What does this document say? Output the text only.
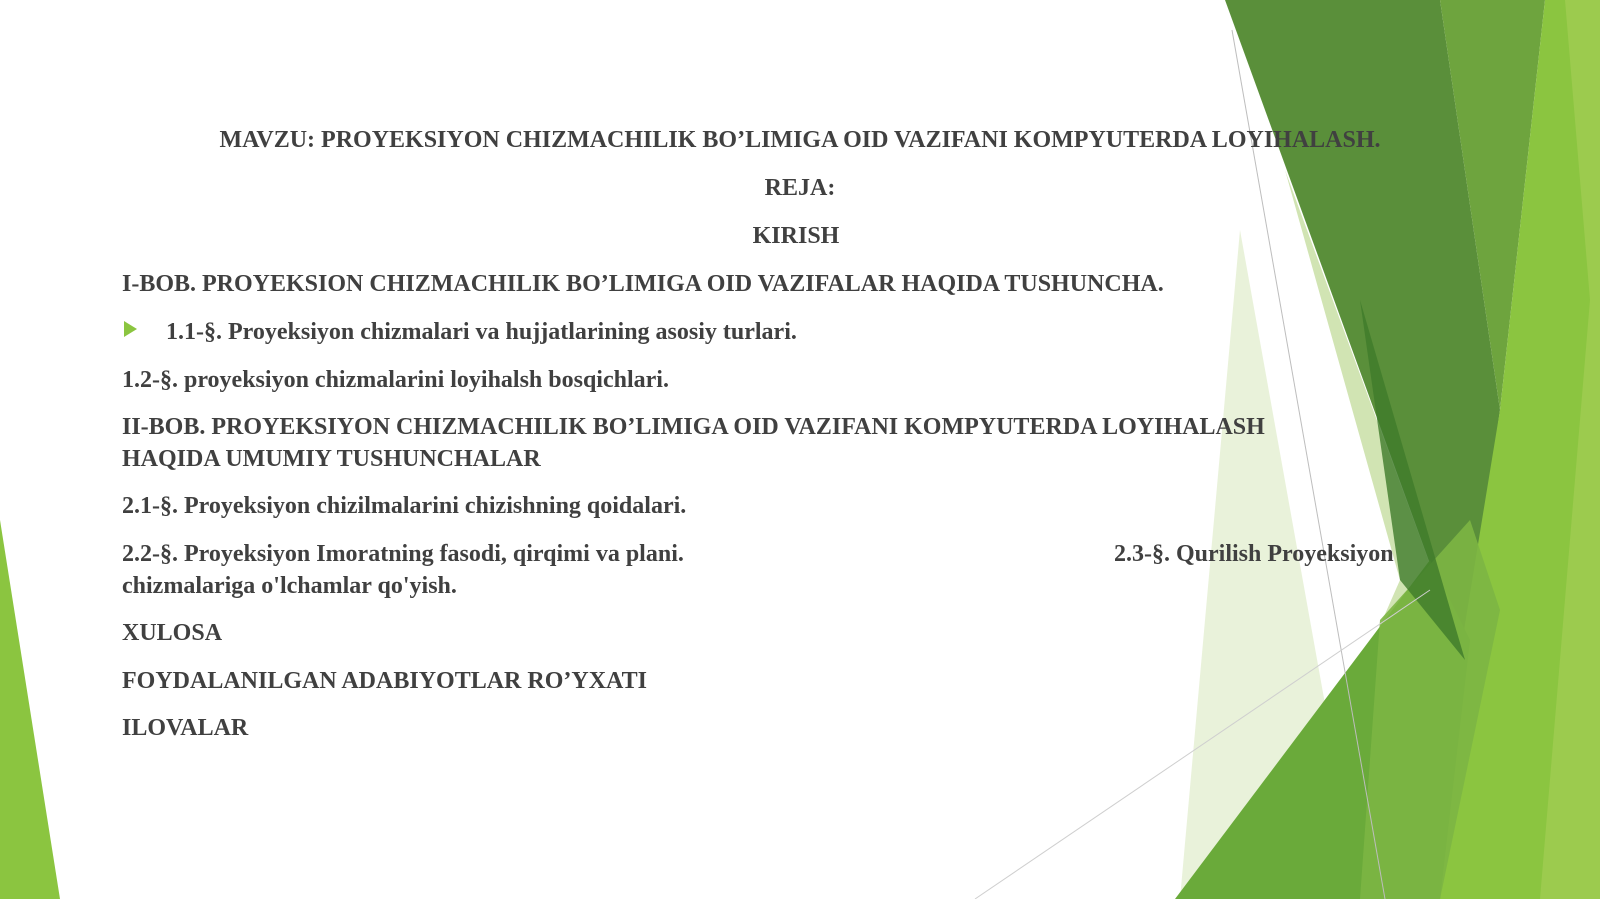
MAVZU: PROYEKSIYON CHIZMACHILIK BO’LIMIGA OID VAZIFANI KOMPYUTERDA LOYIHALASH.
REJA:
KIRISH
I-BOB. PROYEKSION CHIZMACHILIK BO’LIMIGA OID VAZIFALAR HAQIDA TUSHUNCHA.
1.1-§. Proyeksiyon chizmalari va hujjatlarining asosiy turlari.
1.2-§. proyeksiyon chizmalarini loyihalsh bosqichlari.
II-BOB. PROYEKSIYON CHIZMACHILIK BO’LIMIGA OID VAZIFANI KOMPYUTERDA LOYIHALASH
HAQIDA UMUMIY TUSHUNCHALAR
2.1-§. Proyeksiyon chizilmalarini chizishning qoidalari.
2.2-§. Proyeksiyon Imoratning fasodi, qirqimi va plani.	2.3-§. Qurilish Proyeksiyon
chizmalariga o'lchamlar qo'yish.
XULOSA
FOYDALANILGAN ADABIYOTLAR RO’YXATI
ILOVALAR
